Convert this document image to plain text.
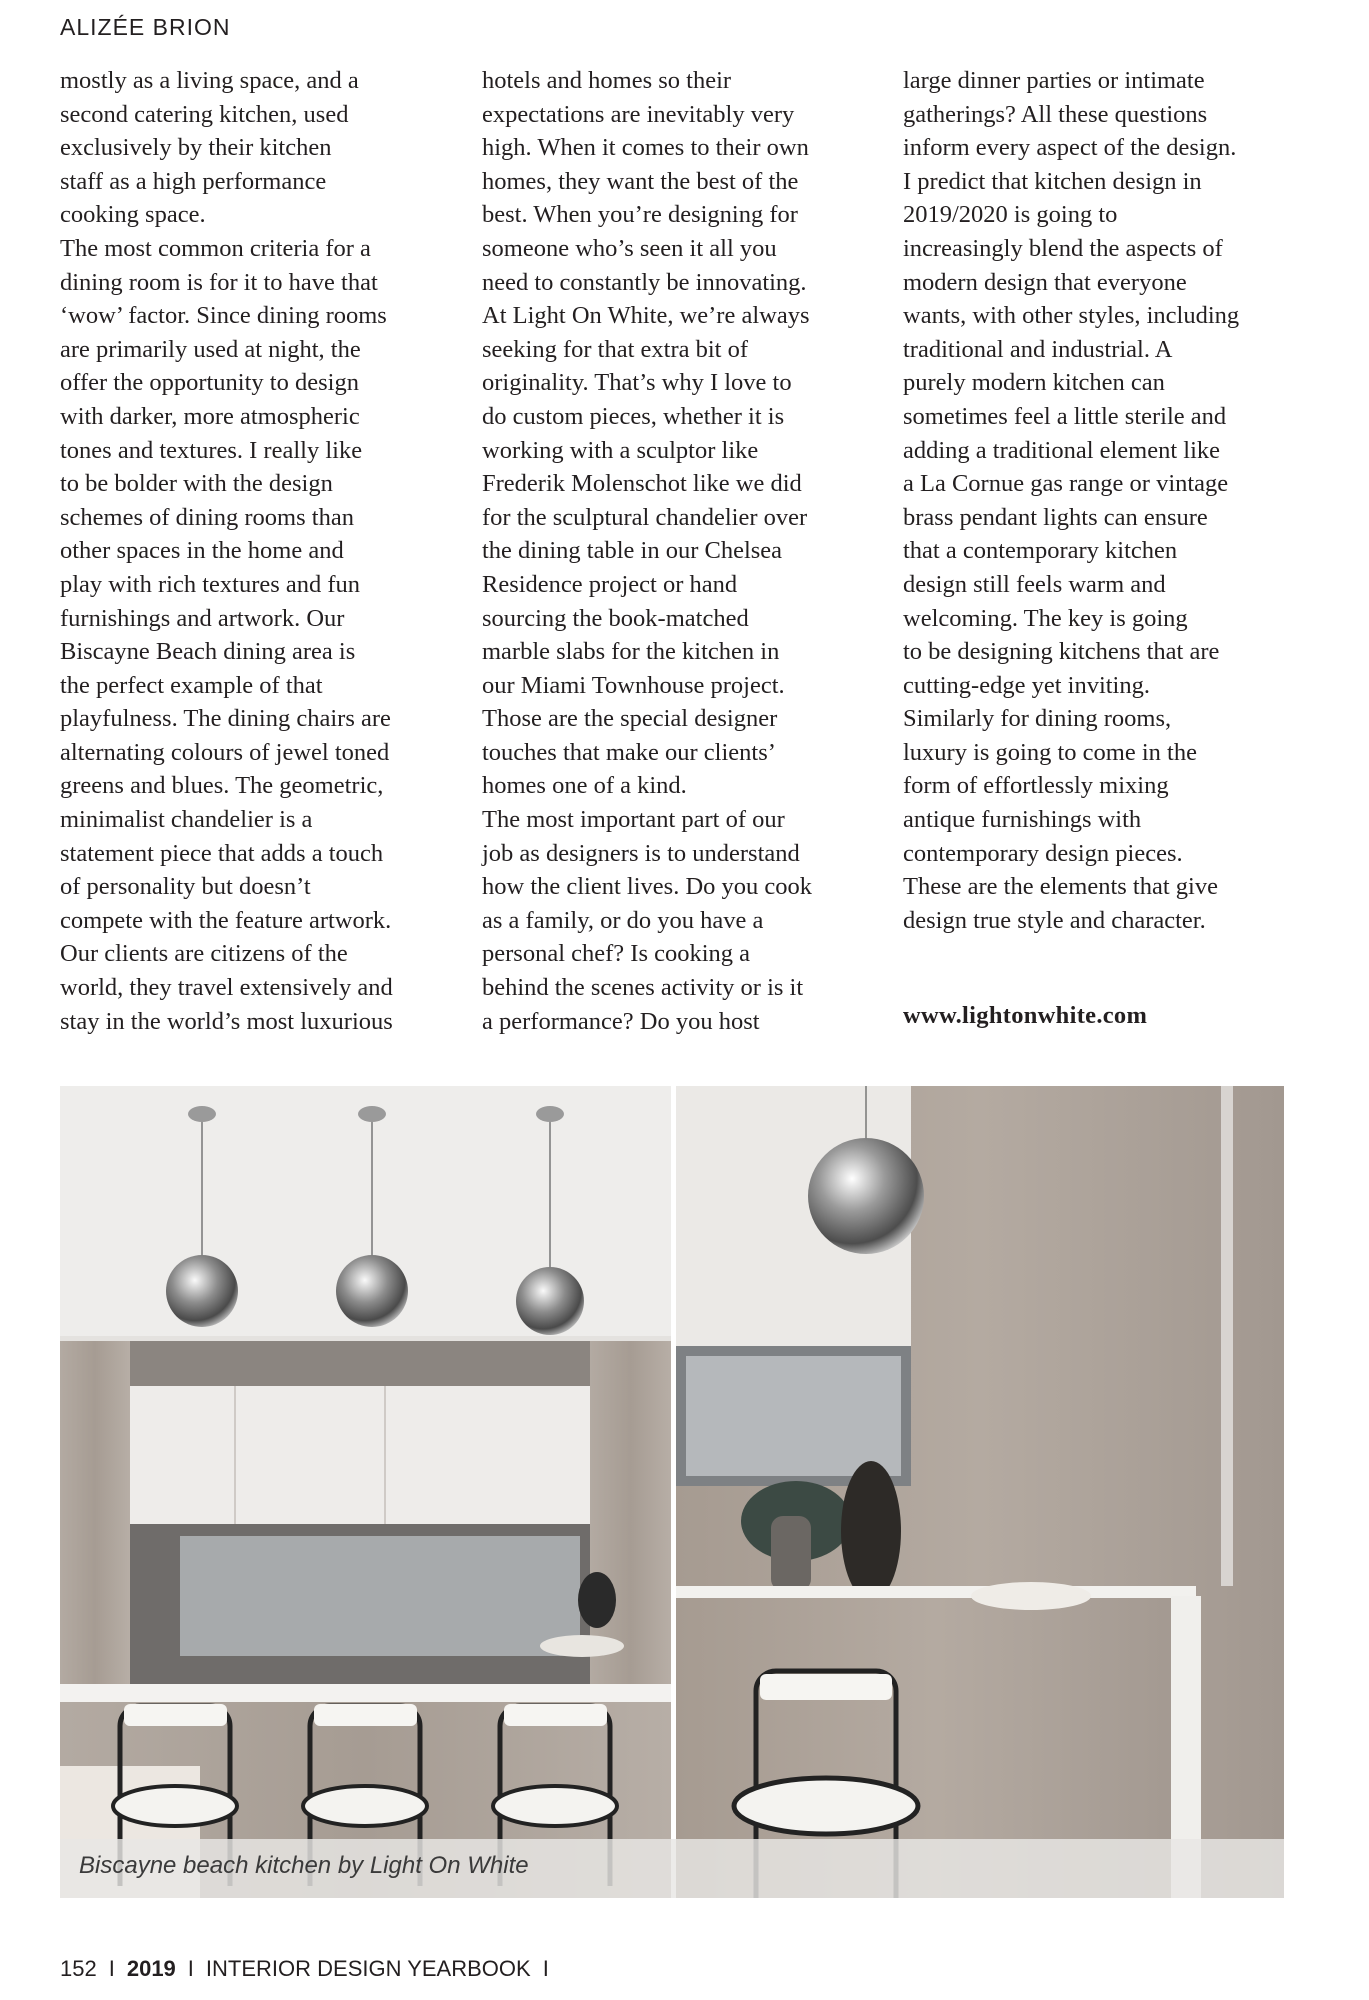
ALIZÉE BRION
mostly as a living space, and a
second catering kitchen, used
exclusively by their kitchen
staff as a high performance
cooking space.
The most common criteria for a
dining room is for it to have that
‘wow’ factor. Since dining rooms
are primarily used at night, the
offer the opportunity to design
with darker, more atmospheric
tones and textures. I really like
to be bolder with the design
schemes of dining rooms than
other spaces in the home and
play with rich textures and fun
furnishings and artwork. Our
Biscayne Beach dining area is
the perfect example of that
playfulness. The dining chairs are
alternating colours of jewel toned
greens and blues. The geometric,
minimalist chandelier is a
statement piece that adds a touch
of personality but doesn’t
compete with the feature artwork.
Our clients are citizens of the
world, they travel extensively and
stay in the world’s most luxurious
hotels and homes so their
expectations are inevitably very
high. When it comes to their own
homes, they want the best of the
best. When you’re designing for
someone who’s seen it all you
need to constantly be innovating.
At Light On White, we’re always
seeking for that extra bit of
originality. That’s why I love to
do custom pieces, whether it is
working with a sculptor like
Frederik Molenschot like we did
for the sculptural chandelier over
the dining table in our Chelsea
Residence project or hand
sourcing the book-matched
marble slabs for the kitchen in
our Miami Townhouse project.
Those are the special designer
touches that make our clients’
homes one of a kind.
The most important part of our
job as designers is to understand
how the client lives. Do you cook
as a family, or do you have a
personal chef? Is cooking a
behind the scenes activity or is it
a performance? Do you host
large dinner parties or intimate
gatherings? All these questions
inform every aspect of the design.
I predict that kitchen design in
2019/2020 is going to
increasingly blend the aspects of
modern design that everyone
wants, with other styles, including
traditional and industrial. A
purely modern kitchen can
sometimes feel a little sterile and
adding a traditional element like
a La Cornue gas range or vintage
brass pendant lights can ensure
that a contemporary kitchen
design still feels warm and
welcoming. The key is going
to be designing kitchens that are
cutting-edge yet inviting.
Similarly for dining rooms,
luxury is going to come in the
form of effortlessly mixing
antique furnishings with
contemporary design pieces.
These are the elements that give
design true style and character.
www.lightonwhite.com
Biscayne beach kitchen by Light On White
152 I 2019 I INTERIOR DESIGN YEARBOOK I
